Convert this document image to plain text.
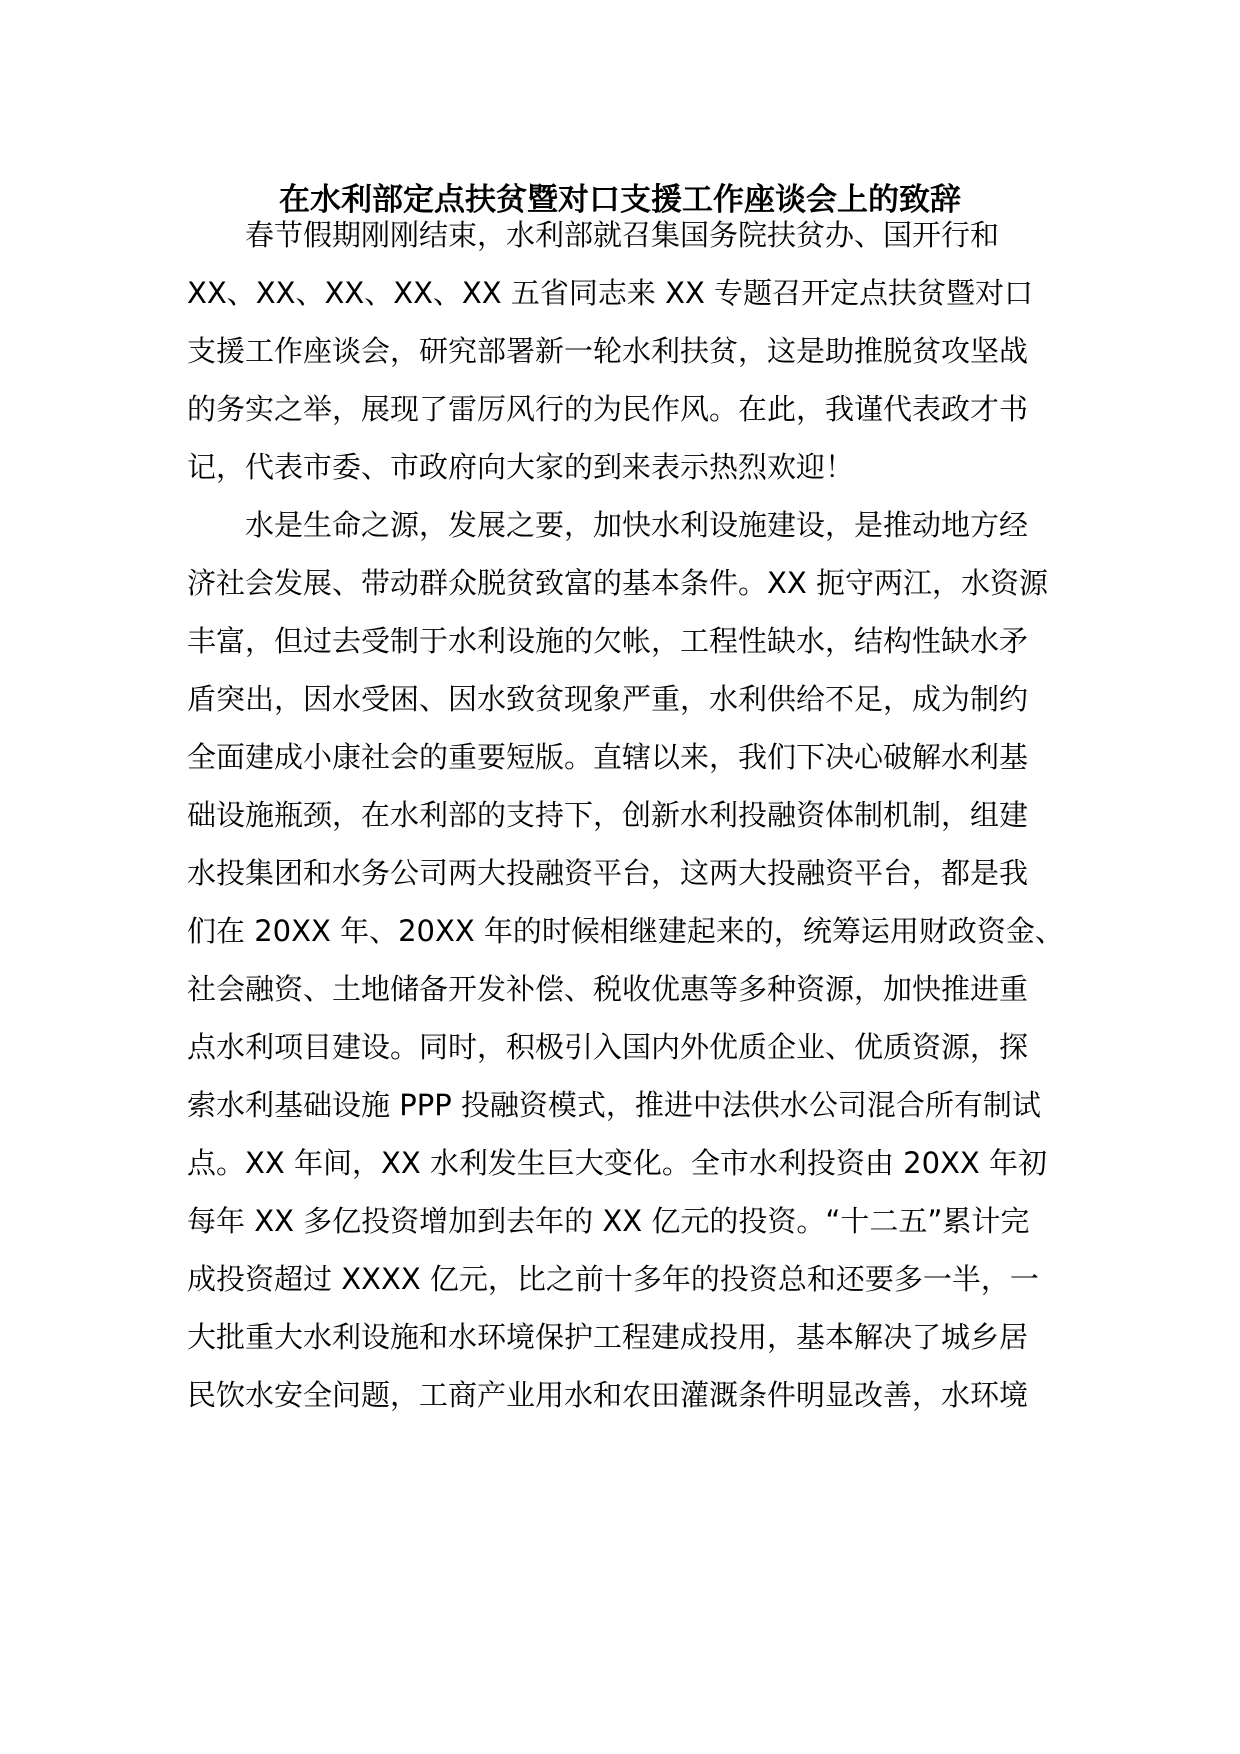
在水利部定点扶贫暨对口支援工作座谈会上的致辞
春节假期刚刚结束，水利部就召集国务院扶贫办、国开行和
XX、XX、XX、XX、XX 五省同志来 XX 专题召开定点扶贫暨对口
支援工作座谈会，研究部署新一轮水利扶贫，这是助推脱贫攻坚战
的务实之举，展现了雷厉风行的为民作风。在此，我谨代表政才书
记，代表市委、市政府向大家的到来表示热烈欢迎！
水是生命之源，发展之要，加快水利设施建设，是推动地方经
济社会发展、带动群众脱贫致富的基本条件。XX 扼守两江，水资源
丰富，但过去受制于水利设施的欠帐，工程性缺水，结构性缺水矛
盾突出，因水受困、因水致贫现象严重，水利供给不足，成为制约
全面建成小康社会的重要短版。直辖以来，我们下决心破解水利基
础设施瓶颈，在水利部的支持下，创新水利投融资体制机制，组建
水投集团和水务公司两大投融资平台，这两大投融资平台，都是我
们在 20XX 年、20XX 年的时候相继建起来的，统筹运用财政资金、
社会融资、土地储备开发补偿、税收优惠等多种资源，加快推进重
点水利项目建设。同时，积极引入国内外优质企业、优质资源，探
索水利基础设施 PPP 投融资模式，推进中法供水公司混合所有制试
点。XX 年间，XX 水利发生巨大变化。全市水利投资由 20XX 年初
每年 XX 多亿投资增加到去年的 XX 亿元的投资。“十二五”累计完
成投资超过 XXXX 亿元，比之前十多年的投资总和还要多一半，一
大批重大水利设施和水环境保护工程建成投用，基本解决了城乡居
民饮水安全问题，工商产业用水和农田灌溉条件明显改善，水环境
